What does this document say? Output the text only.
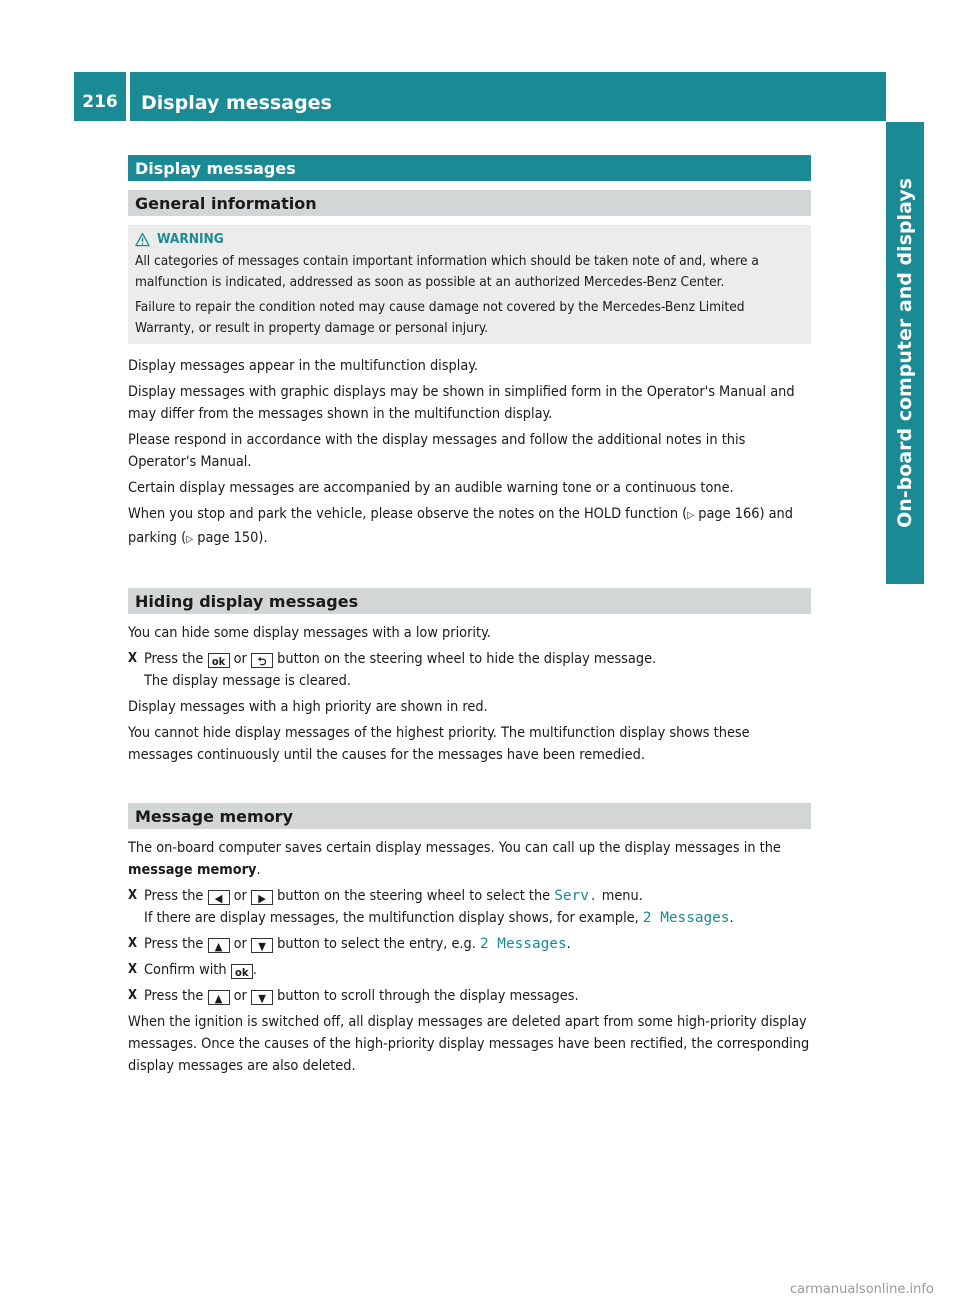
216	Display messages
On-board computer and displays
Display messages
General information
WARNING

All categories of messages contain important information which should be taken note of and, where a malfunction is indicated, addressed as soon as possible at an authorized Mercedes-Benz Center.

Failure to repair the condition noted may cause damage not covered by the Mercedes-Benz Limited Warranty, or result in property damage or personal injury.

Display messages appear in the multifunction display.

Display messages with graphic displays may be shown in simplified form in the Operator's Manual and may differ from the messages shown in the multifunction display.

Please respond in accordance with the display messages and follow the additional notes in this Operator's Manual.

Certain display messages are accompanied by an audible warning tone or a continuous tone.

When you stop and park the vehicle, please observe the notes on the HOLD function (▷ page 166) and parking (▷ page 150).

Hiding display messages

You can hide some display messages with a low priority.

X Press the ok or ⮌ button on the steering wheel to hide the display message.
The display message is cleared.

Display messages with a high priority are shown in red.

You cannot hide display messages of the highest priority. The multifunction display shows these messages continuously until the causes for the messages have been remedied.

Message memory

The on-board computer saves certain display messages. You can call up the display messages in the message memory.

X Press the ◀ or ▶ button on the steering wheel to select the Serv. menu.
If there are display messages, the multifunction display shows, for example, 2 Messages.
X Press the ▲ or ▼ button to select the entry, e.g. 2 Messages.
X Confirm with ok .
X Press the ▲ or ▼ button to scroll through the display messages.

When the ignition is switched off, all display messages are deleted apart from some high-priority display messages. Once the causes of the high-priority display messages have been rectified, the corresponding display messages are also deleted.

carmanualsonline.info
